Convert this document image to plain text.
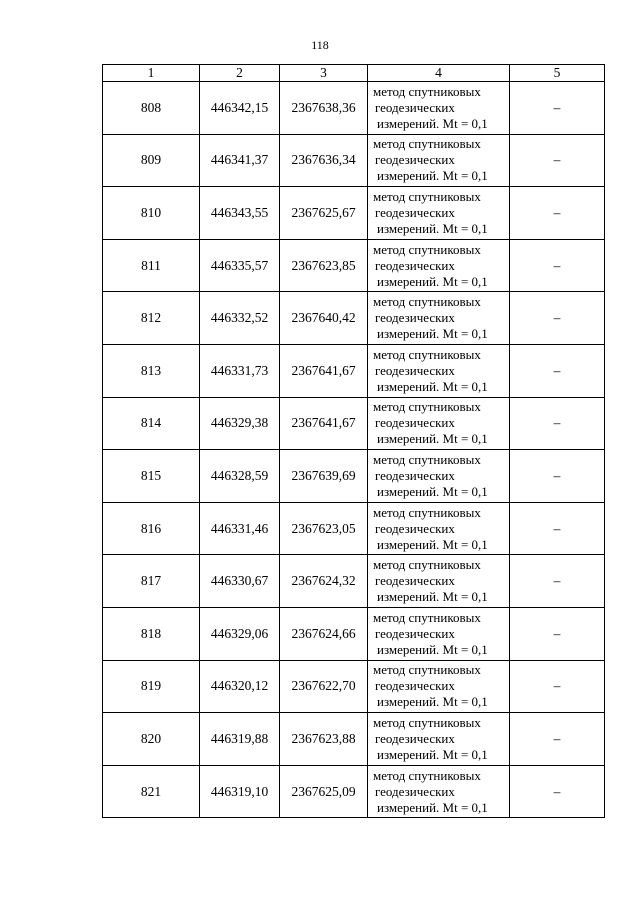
118
1	2	3	4	5
808	446342,15	2367638,36	метод спутниковых
геодезических
измерений. Mt = 0,1	–
809	446341,37	2367636,34	метод спутниковых
геодезических
измерений. Mt = 0,1	–
810	446343,55	2367625,67	метод спутниковых
геодезических
измерений. Mt = 0,1	–
811	446335,57	2367623,85	метод спутниковых
геодезических
измерений. Mt = 0,1	–
812	446332,52	2367640,42	метод спутниковых
геодезических
измерений. Mt = 0,1	–
813	446331,73	2367641,67	метод спутниковых
геодезических
измерений. Mt = 0,1	–
814	446329,38	2367641,67	метод спутниковых
геодезических
измерений. Mt = 0,1	–
815	446328,59	2367639,69	метод спутниковых
геодезических
измерений. Mt = 0,1	–
816	446331,46	2367623,05	метод спутниковых
геодезических
измерений. Mt = 0,1	–
817	446330,67	2367624,32	метод спутниковых
геодезических
измерений. Mt = 0,1	–
818	446329,06	2367624,66	метод спутниковых
геодезических
измерений. Mt = 0,1	–
819	446320,12	2367622,70	метод спутниковых
геодезических
измерений. Mt = 0,1	–
820	446319,88	2367623,88	метод спутниковых
геодезических
измерений. Mt = 0,1	–
821	446319,10	2367625,09	метод спутниковых
геодезических
измерений. Mt = 0,1	–
